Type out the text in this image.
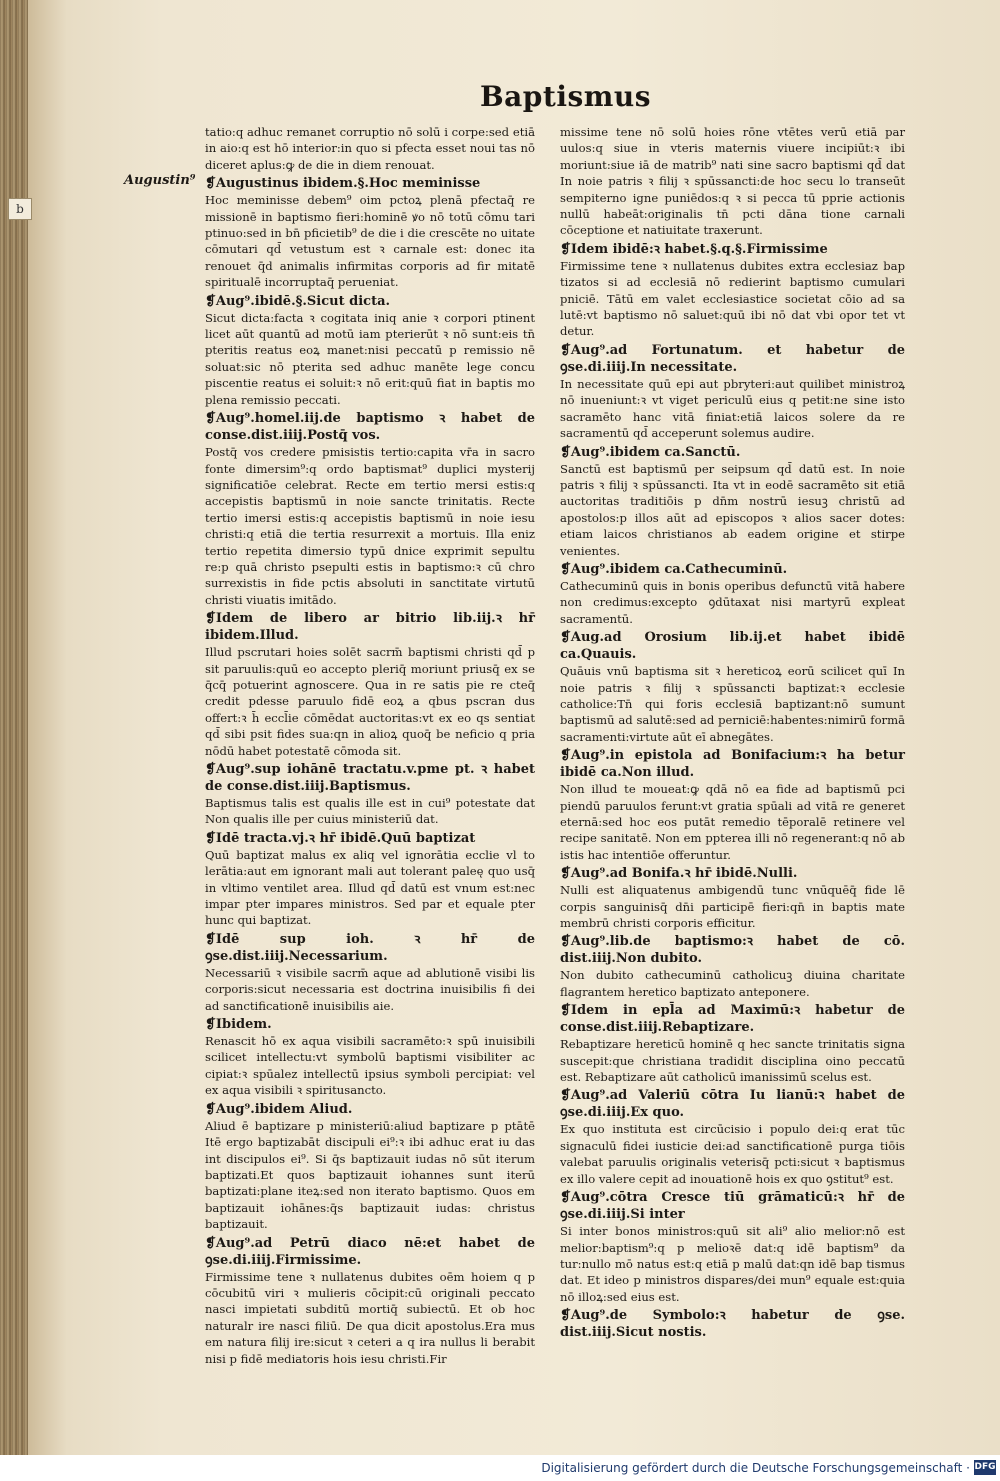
b

Baptismus
Augustin⁹
tatio:q adhuc remanet corruptio nō solū i corpe:sed etiā in aio:q est hō interior:in quo si pfecta esset noui tas nō diceret aplus:ꝙ de die in diem renouat.
❡Augustinus ibidem.§.Hoc meminisse
Hoc meminisse debem⁹ oim pctoꝝ plenā pfectaq̄ re missionē in baptismo fieri:hominē ꝟo nō totū cōmu tari ptinuo:sed in bn̄ pficietib⁹ de die i die crescēte no uitate cōmutari qd̄ vetustum est ꝛ carnale est: donec ita renouet q̄d animalis infirmitas corporis ad fir mitatē spiritualē incorruptaq̄ perueniat.
❡Aug⁹.ibidē.§.Sicut dicta.
Sicut dicta:facta ꝛ cogitata iniq anie ꝛ corpori ptinent licet aūt quantū ad motū iam pterierūt ꝛ nō sunt:eis tn̄ pteritis reatus eoꝝ manet:nisi peccatū p remissio nē soluat:sic nō pterita sed adhuc manēte lege concu piscentie reatus ei soluit:ꝛ nō erit:quū fiat in baptis mo plena remissio peccati.
❡Aug⁹.homel.iij.de baptismo ꝛ habet de conse.dist.iiij.Postq̄ vos.
Postq̄ vos credere pmisistis tertio:capita vr̄a in sacro fonte dimersim⁹:q ordo baptismat⁹ duplici mysterij significatiōe celebrat. Recte em tertio mersi estis:q accepistis baptismū in noie sancte trinitatis. Recte tertio imersi estis:q accepistis baptismū in noie iesu christi:q etiā die tertia resurrexit a mortuis. Illa eniz tertio repetita dimersio typū dnice exprimit sepultu re:p quā christo psepulti estis in baptismo:ꝛ cū chro surrexistis in fide pctis absoluti in sanctitate virtutū christi viuatis imitādo.
❡Idem de libero ar bitrio lib.iij.ꝛ hr̄ ibidem.Illud.
Illud pscrutari hoies solēt sacrm̄ baptismi christi qd̄ p sit paruulis:quū eo accepto pleriq̄ moriunt priusq̄ ex se q̄cq̄ potuerint agnoscere. Qua in re satis pie re cteq̄ credit pdesse paruulo fidē eoꝝ a qbus pscran dus offert:ꝛ h̄ eccl̄ie cōmēdat auctoritas:vt ex eo qs sentiat qd̄ sibi psit fides sua:qn in alioꝝ quoq̄ be neficio q pria nōdū habet potestatē cōmoda sit.
❡Aug⁹.sup iohānē tractatu.v.pme pt. ꝛ habet de conse.dist.iiij.Baptismus.
Baptismus talis est qualis ille est in cui⁹ potestate dat Non qualis ille per cuius ministeriū dat.
❡Idē tracta.vj.ꝛ hr̄ ibidē.Quū baptizat
Quū baptizat malus ex aliq vel ignorātia ecclie vl to lerātia:aut em ignorant mali aut tolerant paleę quo usq̄ in vltimo ventilet area. Illud qd̄ datū est vnum est:nec impar pter impares ministros. Sed par et equale pter hunc qui baptizat.
❡Idē sup ioh. ꝛ hr̄ de ꝯse.dist.iiij.Necessarium.
Necessariū ꝛ visibile sacrm̄ aque ad ablutionē visibi lis corporis:sicut necessaria est doctrina inuisibilis fi dei ad sanctificationē inuisibilis aie.
❡Ibidem.
Renascit hō ex aqua visibili sacramēto:ꝛ spū inuisibili scilicet intellectu:vt symbolū baptismi visibiliter ac cipiat:ꝛ spūalez intellectū ipsius symboli percipiat: vel ex aqua visibili ꝛ spiritusancto.
❡Aug⁹.ibidem Aliud.
Aliud ē baptizare p ministeriū:aliud baptizare p ptātē Itē ergo baptizabāt discipuli ei⁹:ꝛ ibi adhuc erat iu das int discipulos ei⁹. Si q̄s baptizauit iudas nō sūt iterum baptizati.Et quos baptizauit iohannes sunt iterū baptizati:plane iteꝝ:sed non iterato baptismo. Quos em baptizauit iohānes:q̄s baptizauit iudas: christus baptizauit.
❡Aug⁹.ad Petrū diaco nē:et habet de ꝯse.di.iiij.Firmissime.
Firmissime tene ꝛ nullatenus dubites oēm hoiem q p cōcubitū viri ꝛ mulieris cōcipit:cū originali peccato nasci impietati subditū mortiq̄ subiectū. Et ob hoc naturalr ire nasci filiū. De qua dicit apostolus.Era mus em natura filij ire:sicut ꝛ ceteri a q ira nullus li berabit nisi p fidē mediatoris hois iesu christi.Fir
missime tene nō solū hoies rōne vtētes verū etiā par uulos:q siue in vteris maternis viuere incipiūt:ꝛ ibi moriunt:siue iā de matrib⁹ nati sine sacro baptismi qd̄ dat In noie patris ꝛ filij ꝛ spūssancti:de hoc secu lo transeūt sempiterno igne puniēdos:q ꝛ si pecca tū pprie actionis nullū habeāt:originalis tn̄ pcti dāna tione carnali cōceptione et natiuitate traxerunt.
❡Idem ibidē:ꝛ habet.§.q.§.Firmissime
Firmissime tene ꝛ nullatenus dubites extra ecclesiaz bap tizatos si ad ecclesiā nō redierint baptismo cumulari pniciē. Tātū em valet ecclesiastice societat cōio ad sa lutē:vt baptismo nō saluet:quū ibi nō dat vbi opor tet vt detur.
❡Aug⁹.ad Fortunatum. et habetur de ꝯse.di.iiij.In necessitate.
In necessitate quū epi aut pbryteri:aut quilibet ministroꝝ nō inueniunt:ꝛ vt viget periculū eius q petit:ne sine isto sacramēto hanc vitā finiat:etiā laicos solere da re sacramentū qd̄ acceperunt solemus audire.
❡Aug⁹.ibidem ca.Sanctū.
Sanctū est baptismū per seipsum qd̄ datū est. In noie patris ꝛ filij ꝛ spūssancti. Ita vt in eodē sacramēto sit etiā auctoritas traditiōis p dn̄m nostrū iesuꝫ christū ad apostolos:p illos aūt ad episcopos ꝛ alios sacer dotes: etiam laicos christianos ab eadem origine et stirpe venientes.
❡Aug⁹.ibidem ca.Cathecuminū.
Cathecuminū quis in bonis operibus defunctū vitā habere non credimus:excepto ꝯdūtaxat nisi martyrū expleat sacramentū.
❡Aug.ad Orosium lib.ij.et habet ibidē ca.Quauis.
Quāuis vnū baptisma sit ꝛ hereticoꝝ eorū scilicet quī In noie patris ꝛ filij ꝛ spūssancti baptizat:ꝛ ecclesie catholice:Tn̄ qui foris ecclesiā baptizant:nō sumunt baptismū ad salutē:sed ad perniciē:habentes:nimirū formā sacramenti:virtute aūt eī abnegātes.
❡Aug⁹.in epistola ad Bonifacium:ꝛ ha betur ibidē ca.Non illud.
Non illud te moueat:ꝙ qdā nō ea fide ad baptismū pci piendū paruulos ferunt:vt gratia spūali ad vitā re generet eternā:sed hoc eos putāt remedio tēporalē retinere vel recipe sanitatē. Non em ppterea illi nō regenerant:q nō ab istis hac intentiōe offeruntur.
❡Aug⁹.ad Bonifa.ꝛ hr̄ ibidē.Nulli.
Nulli est aliquatenus ambigendū tunc vnūquēq̄ fide lē corpis sanguinisq̄ dn̄i participē fieri:qn̄ in baptis mate membrū christi corporis efficitur.
❡Aug⁹.lib.de baptismo:ꝛ habet de cō. dist.iiij.Non dubito.
Non dubito cathecuminū catholicuꝫ diuina charitate flagrantem heretico baptizato anteponere.
❡Idem in epl̄a ad Maximū:ꝛ habetur de conse.dist.iiij.Rebaptizare.
Rebaptizare hereticū hominē q hec sancte trinitatis signa suscepit:que christiana tradidit disciplina oino peccatū est. Rebaptizare aūt catholicū imanissimū scelus est.
❡Aug⁹.ad Valeriū cōtra Iu lianū:ꝛ habet de ꝯse.di.iiij.Ex quo.
Ex quo instituta est circūcisio i populo dei:q erat tūc signaculū fidei iusticie dei:ad sanctificationē purga tiōis valebat paruulis originalis veterisq̄ pcti:sicut ꝛ baptismus ex illo valere cepit ad inouationē hois ex quo ꝯstitut⁹ est.
❡Aug⁹.cōtra Cresce tiū grāmaticū:ꝛ hr̄ de ꝯse.di.iiij.Si inter
Si inter bonos ministros:quū sit ali⁹ alio melior:nō est melior:baptism⁹:q p melioꝛē dat:q idē baptism⁹ da tur:nullo mō natus est:q etiā p malū dat:qn idē bap tismus dat. Et ideo p ministros dispares/dei mun⁹ equale est:quia nō illoꝝ:sed eius est.
❡Aug⁹.de Symbolo:ꝛ habetur de ꝯse. dist.iiij.Sicut nostis.
Digitalisierung gefördert durch die Deutsche Forschungsgemeinschaft · DFG
